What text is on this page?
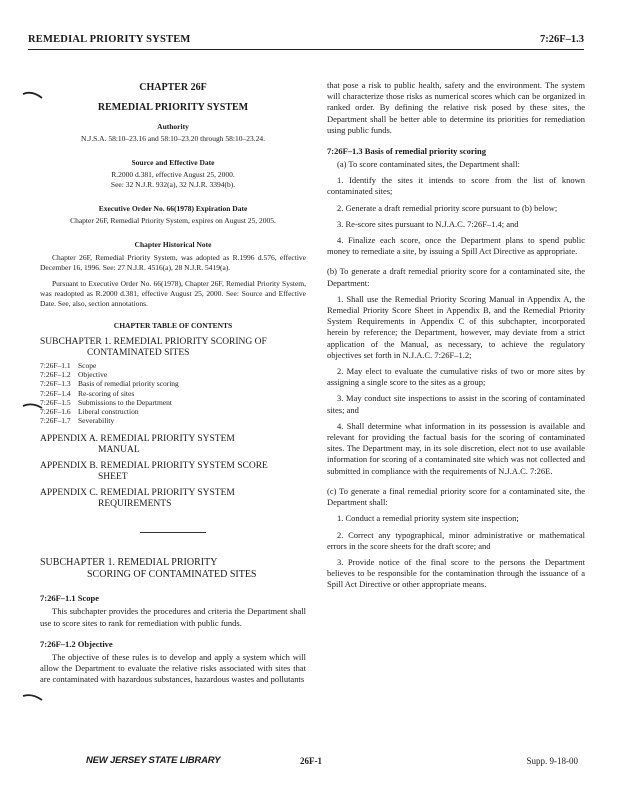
REMEDIAL PRIORITY SYSTEM	7:26F–1.3
CHAPTER 26F
REMEDIAL PRIORITY SYSTEM
Authority
N.J.S.A. 58:10–23.16 and 58:10–23.20 through 58:10–23.24.
Source and Effective Date
R.2000 d.381, effective August 25, 2000.
See: 32 N.J.R. 932(a), 32 N.J.R. 3394(b).
Executive Order No. 66(1978) Expiration Date
Chapter 26F, Remedial Priority System, expires on August 25, 2005.
Chapter Historical Note
Chapter 26F, Remedial Priority System, was adopted as R.1996 d.576, effective December 16, 1996. See: 27 N.J.R. 4516(a), 28 N.J.R. 5419(a).
Pursuant to Executive Order No. 66(1978), Chapter 26F, Remedial Priority System, was readopted as R.2000 d.381, effective August 25, 2000. See: Source and Effective Date. See, also, section annotations.
CHAPTER TABLE OF CONTENTS
SUBCHAPTER 1. REMEDIAL PRIORITY SCORING OF
CONTAMINATED SITES
7:26F–1.1 Scope
7:26F–1.2 Objective
7:26F–1.3 Basis of remedial priority scoring
7:26F–1.4 Re-scoring of sites
7:26F–1.5 Submissions to the Department
7:26F–1.6 Liberal construction
7:26F–1.7 Severability
APPENDIX A. REMEDIAL PRIORITY SYSTEM
MANUAL
APPENDIX B. REMEDIAL PRIORITY SYSTEM SCORE
SHEET
APPENDIX C. REMEDIAL PRIORITY SYSTEM
REQUIREMENTS
SUBCHAPTER 1. REMEDIAL PRIORITY
SCORING OF CONTAMINATED SITES
7:26F–1.1 Scope
This subchapter provides the procedures and criteria the Department shall use to score sites to rank for remediation with public funds.
7:26F–1.2 Objective
The objective of these rules is to develop and apply a system which will allow the Department to evaluate the relative risks associated with sites that are contaminated with hazardous substances, hazardous wastes and pollutants
that pose a risk to public health, safety and the environment. The system will characterize those risks as numerical scores which can be organized in ranked order. By defining the relative risk posed by these sites, the Department shall be better able to determine its priorities for remediation using public funds.
7:26F–1.3 Basis of remedial priority scoring
(a) To score contaminated sites, the Department shall:
1. Identify the sites it intends to score from the list of known contaminated sites;
2. Generate a draft remedial priority score pursuant to (b) below;
3. Re-score sites pursuant to N.J.A.C. 7:26F–1.4; and
4. Finalize each score, once the Department plans to spend public money to remediate a site, by issuing a Spill Act Directive as appropriate.
(b) To generate a draft remedial priority score for a contaminated site, the Department:
1. Shall use the Remedial Priority Scoring Manual in Appendix A, the Remedial Priority Score Sheet in Appendix B, and the Remedial Priority System Requirements in Appendix C of this subchapter, incorporated herein by reference; the Department, however, may deviate from a strict application of the Manual, as necessary, to achieve the regulatory objectives set forth in N.J.A.C. 7:26F–1.2;
2. May elect to evaluate the cumulative risks of two or more sites by assigning a single score to the sites as a group;
3. May conduct site inspections to assist in the scoring of contaminated sites; and
4. Shall determine what information in its possession is available and relevant for providing the factual basis for the scoring of contaminated sites. The Department may, in its sole discretion, elect not to use available information for scoring of a contaminated site which was not collected and submitted in compliance with the requirements of N.J.A.C. 7:26E.
(c) To generate a final remedial priority score for a contaminated site, the Department shall:
1. Conduct a remedial priority system site inspection;
2. Correct any typographical, minor administrative or mathematical errors in the score sheets for the draft score; and
3. Provide notice of the final score to the persons the Department believes to be responsible for the contamination through the issuance of a Spill Act Directive or other appropriate means.
NEW JERSEY STATE LIBRARY	26F-1	Supp. 9-18-00
